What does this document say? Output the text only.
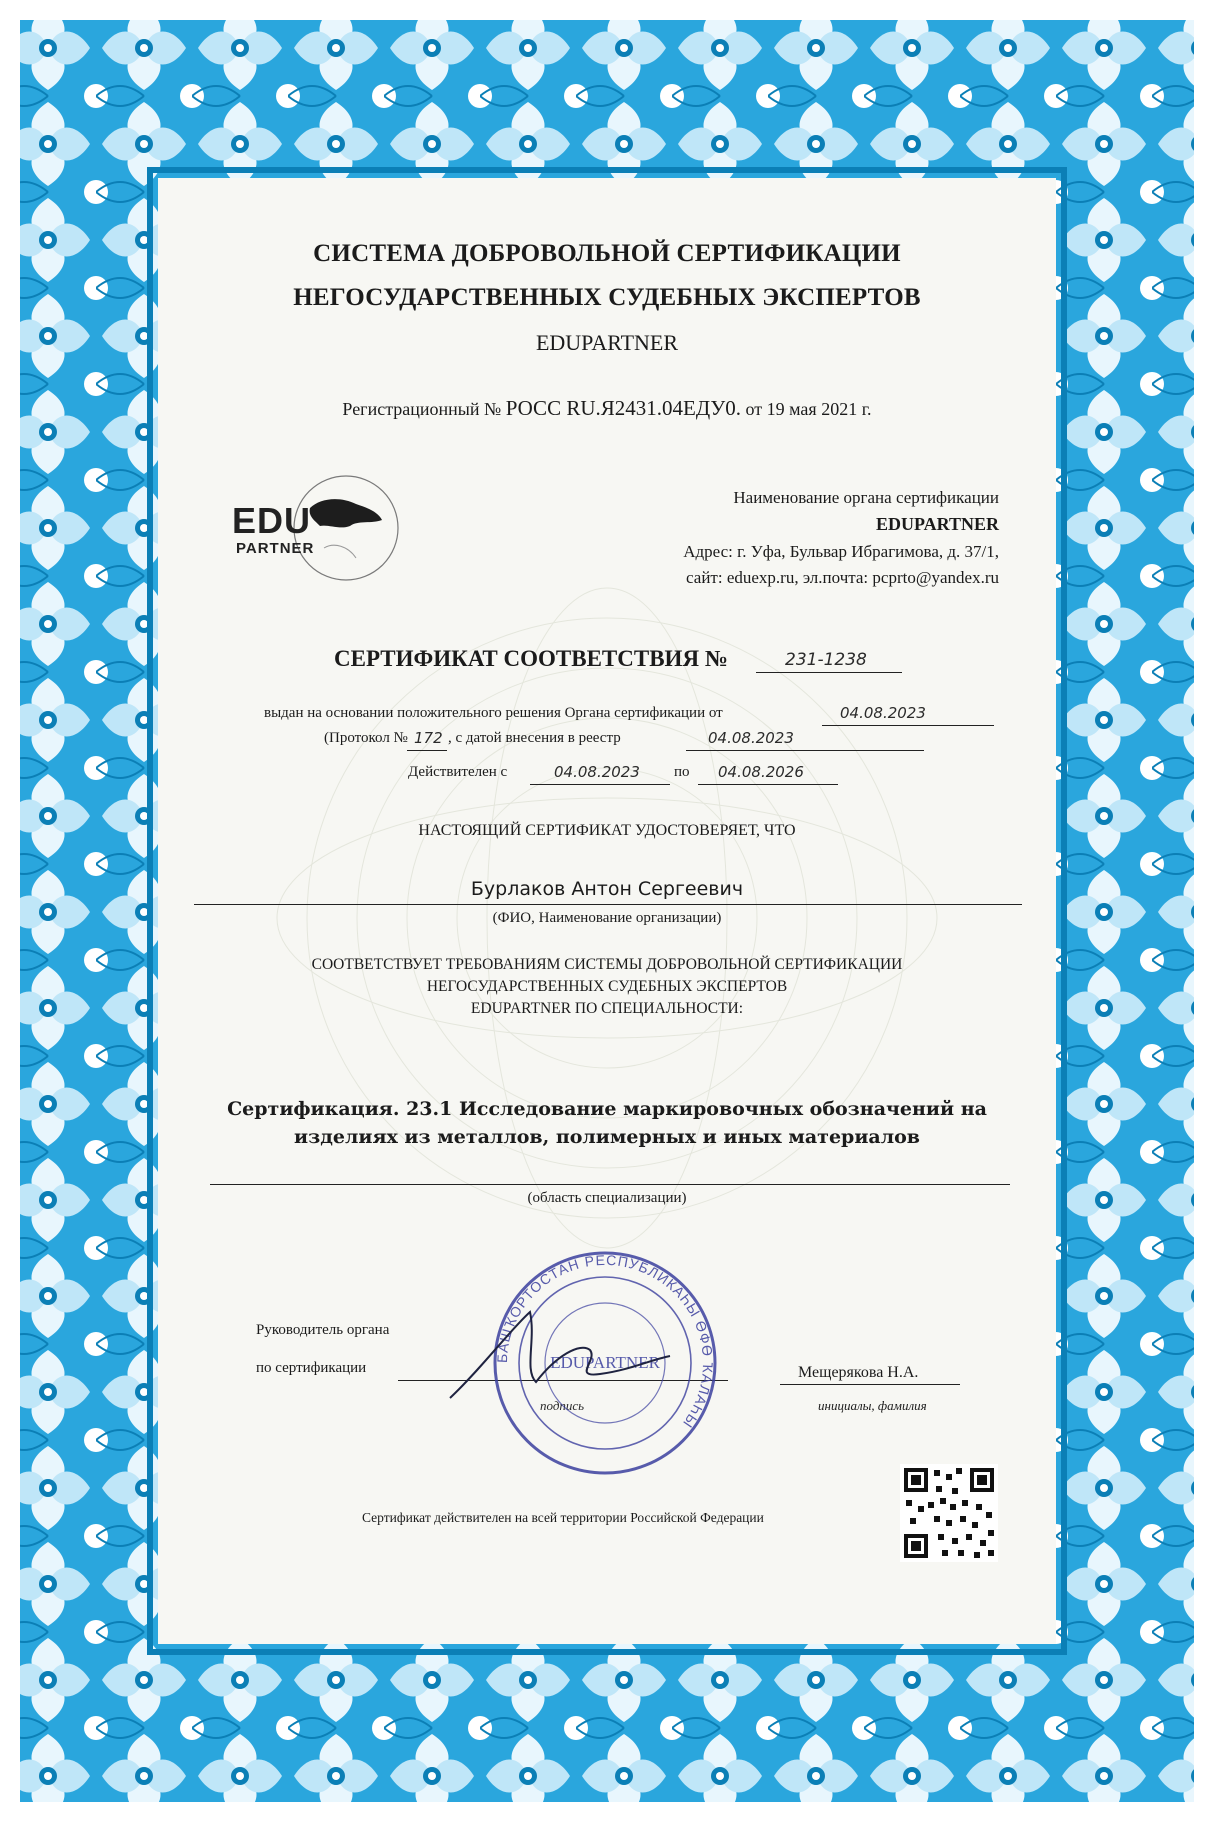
СИСТЕМА ДОБРОВОЛЬНОЙ СЕРТИФИКАЦИИ
НЕГОСУДАРСТВЕННЫХ СУДЕБНЫХ ЭКСПЕРТОВ
EDUPARTNER
Регистрационный № РОСС RU.Я2431.04ЕДУ0. от 19 мая 2021 г.
EDU
PARTNER
Наименование органа сертификации
EDUPARTNER
Адрес: г. Уфа, Бульвар Ибрагимова, д. 37/1,
сайт: eduexp.ru, эл.почта: pcprto@yandex.ru
СЕРТИФИКАТ СООТВЕТСТВИЯ №	231-1238
выдан на основании положительного решения Органа сертификации от	04.08.2023
(Протокол № 172 , с датой внесения в реестр	04.08.2023
Действителен с	04.08.2023 по 04.08.2026
НАСТОЯЩИЙ СЕРТИФИКАТ УДОСТОВЕРЯЕТ, ЧТО
Бурлаков Антон Сергеевич
(ФИО, Наименование организации)
СООТВЕТСТВУЕТ ТРЕБОВАНИЯМ СИСТЕМЫ ДОБРОВОЛЬНОЙ СЕРТИФИКАЦИИ
НЕГОСУДАРСТВЕННЫХ СУДЕБНЫХ ЭКСПЕРТОВ
EDUPARTNER ПО СПЕЦИАЛЬНОСТИ:
Сертификация. 23.1 Исследование маркировочных обозначений на
изделиях из металлов, полимерных и иных материалов
(область специализации)
Руководитель органа
по сертификации
подпись
Мещерякова Н.А.
инициалы, фамилия
БАШҠОРТОСТАН РЕСПУБЛИКАҺЫ ӨФӨ ҠАЛАҺЫ
EDUPARTNER
Сертификат действителен на всей территории Российской Федерации
